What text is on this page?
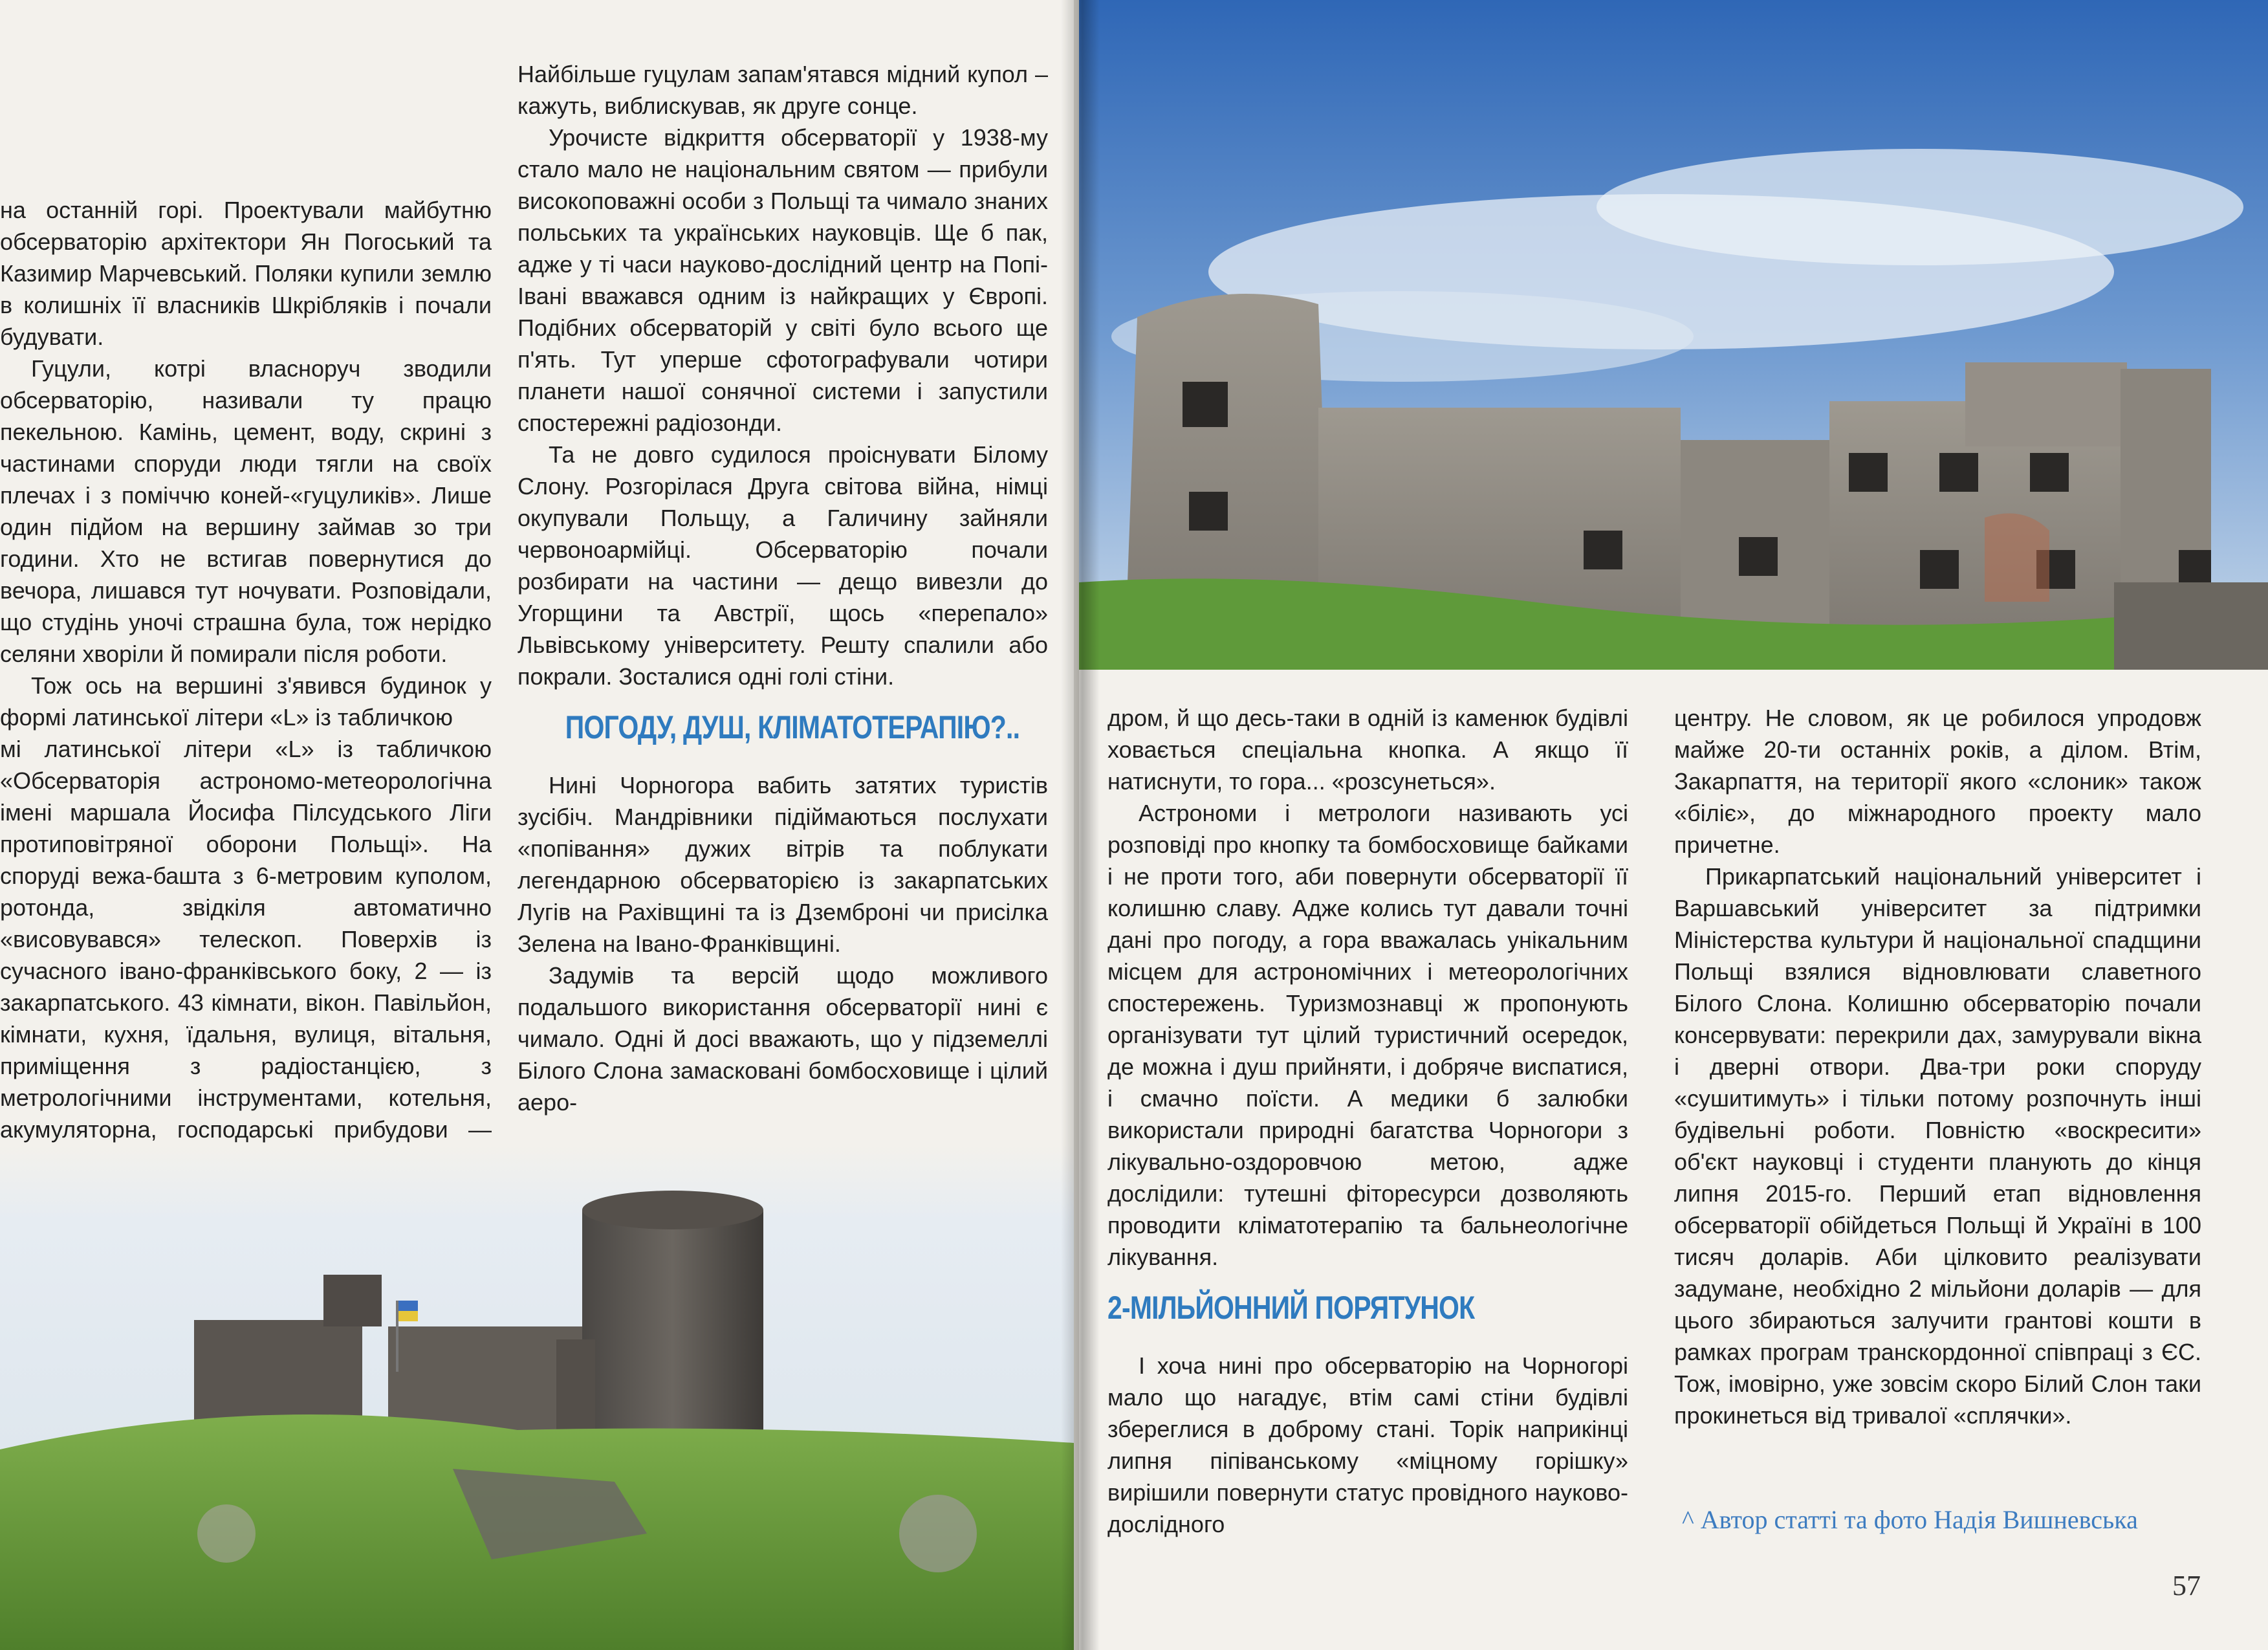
на останній горі. Проектували майбутню обсерваторію архітектори Ян Погоський та Казимир Марчевський. Поляки купили землю в колишніх її власників Шкрібляків і почали будувати.

Гуцули, котрі власноруч зводили обсерваторію, називали ту працю пекельною. Камінь, цемент, воду, скрині з частинами споруди люди тягли на своїх плечах і з поміччю коней-«гуцуликів». Лише один підйом на вершину займав зо три години. Хто не встигав повернутися до вечора, лишався тут ночувати. Розповідали, що студінь уночі страшна була, тож нерідко селяни хворіли й помирали після роботи.

Тож ось на вершині з'явився будинок у формі латинської літери «L» із табличкою

мі латинської літери «L» із табличкою «Обсерваторія астрономо-метеорологічна імені маршала Йосифа Пілсудського Ліги протиповітряної оборони Польщі». На споруді вежа-башта з 6-метровим куполом, ротонда, звідкіля автоматично «висовувався» телескоп. Поверхів із сучасного івано-франківського боку, 2 — із закарпатського. 43 кімнати, вікон. Павільйон, кімнати, кухня, їдальня, вулиця, вітальня, приміщення з радіостанцією, з метрологічними інструментами, котельня, акумуляторна, господарські прибудови —

Найбільше гуцулам запам'ятався мідний купол – кажуть, виблискував, як друге сонце.

Урочисте відкриття обсерваторії у 1938-му стало мало не національним святом — прибули високоповажні особи з Польщі та чимало знаних польських та українських науковців. Ще б пак, адже у ті часи науково-дослідний центр на Попі-Івані вважався одним із найкращих у Європі. Подібних обсерваторій у світі було всього ще п'ять. Тут уперше сфотографували чотири планети нашої сонячної системи і запустили спостережні радіозонди.

Та не довго судилося проіснувати Білому Слону. Розгорілася Друга світова війна, німці окупували Польщу, а Галичину зайняли червоноармійці. Обсерваторію почали розбирати на частини — дещо вивезли до Угорщини та Австрії, щось «перепало» Львівському університету. Решту спалили або покрали. Зосталися одні голі стіни.

ПОГОДУ, ДУШ, КЛІМАТОТЕРАПІЮ?..

Нині Чорногора вабить затятих туристів зусібіч. Мандрівники підіймаються послухати «попівання» дужих вітрів та поблукати легендарною обсерваторією із закарпатських Лугів на Рахівщині та із Дземброні чи присілка Зелена на Івано-Франківщині.

Задумів та версій щодо можливого подальшого використання обсерваторії нині є чимало. Одні й досі вважають, що у підземеллі Білого Слона замасковані бомбосховище і цілий аеро-

дром, й що десь-таки в одній із каменюк будівлі ховається спеціальна кнопка. А якщо її натиснути, то гора... «розсунеться».

Астрономи і метрологи називають усі розповіді про кнопку та бомбосховище байками і не проти того, аби повернути обсерваторії її колишню славу. Адже колись тут давали точні дані про погоду, а гора вважалась унікальним місцем для астрономічних і метеорологічних спостережень. Туризмознавці ж пропонують організувати тут цілий туристичний осередок, де можна і душ прийняти, і добряче виспатися, і смачно поїсти. А медики б залюбки використали природні багатства Чорногори з лікувально-оздоровчою метою, адже дослідили: тутешні фіторесурси дозволяють проводити кліматотерапію та бальнеологічне лікування.

2-МІЛЬЙОННИЙ ПОРЯТУНОК

І хоча нині про обсерваторію на Чорногорі мало що нагадує, втім самі стіни будівлі збереглися в доброму стані. Торік наприкінці липня піпіванському «міцному горішку» вирішили повернути статус провідного науково-дослідного

центру. Не словом, як це робилося упродовж майже 20-ти останніх років, а ділом. Втім, Закарпаття, на території якого «слоник» також «біліє», до міжнародного проекту мало причетне.

Прикарпатський національний університет і Варшавський університет за підтримки Міністерства культури й національної спадщини Польщі взялися відновлювати славетного Білого Слона. Колишню обсерваторію почали консервувати: перекрили дах, замурували вікна і дверні отвори. Два-три роки споруду «сушитимуть» і тільки потому розпочнуть інші будівельні роботи. Повністю «воскресити» об'єкт науковці і студенти планують до кінця липня 2015-го. Перший етап відновлення обсерваторії обійдеться Польщі й Україні в 100 тисяч доларів. Аби цілковито реалізувати задумане, необхідно 2 мільйони доларів — для цього збираються залучити грантові кошти в рамках програм транскордонної співпраці з ЄС. Тож, імовірно, уже зовсім скоро Білий Слон таки прокинеться від тривалої «сплячки».

^ Автор статті та фото Надія Вишневська
57
